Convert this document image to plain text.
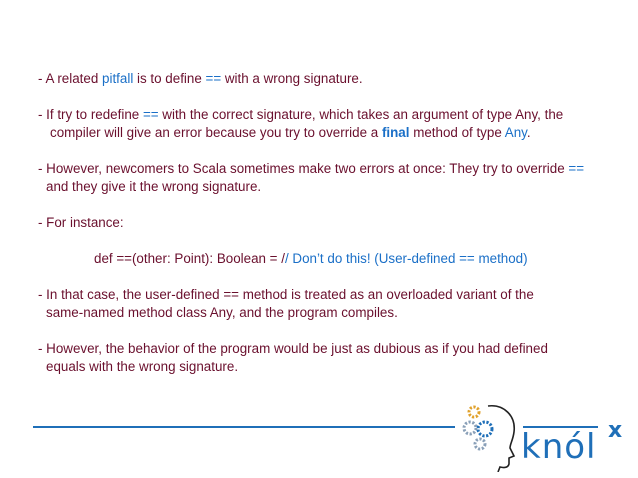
- A related pitfall is to define == with a wrong signature.
- If try to redefine == with the correct signature, which takes an argument of type Any, the
compiler will give an error because you try to override a final method of type Any.
- However, newcomers to Scala sometimes make two errors at once: They try to override ==
and they give it the wrong signature.
- For instance:
def ==(other: Point): Boolean = // Don’t do this! (User-defined == method)
- In that case, the user-defined == method is treated as an overloaded variant of the
same-named method class Any, and the program compiles.
- However, the behavior of the program would be just as dubious as if you had defined
equals with the wrong signature.
knól x
